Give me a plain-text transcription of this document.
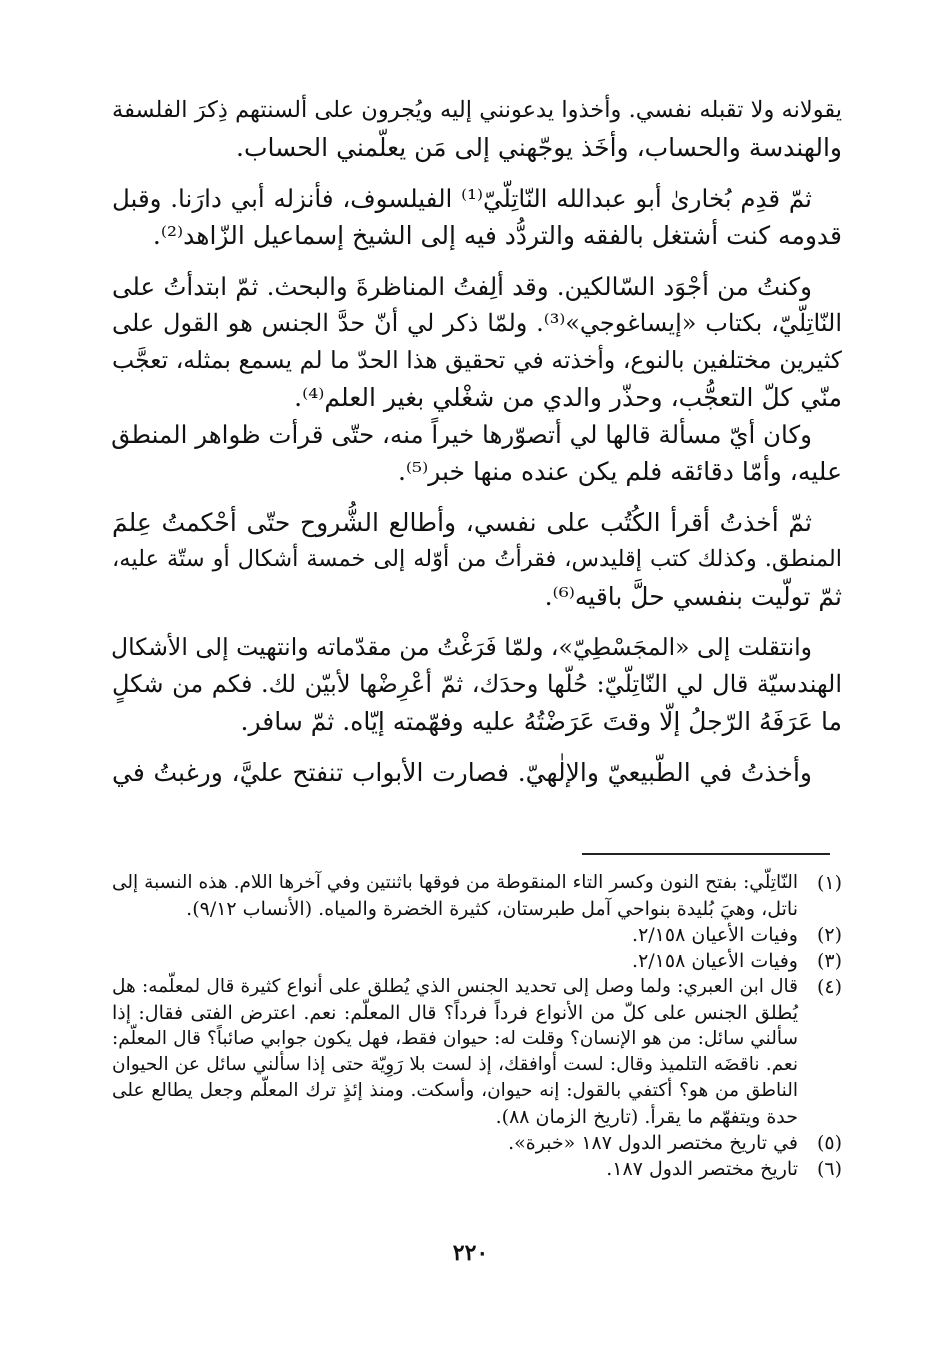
يقولانه ولا تقبله نفسي. وأخذوا يدعونني إليه ويُجرون على ألسنتهم ذِكرَ الفلسفة
والهندسة والحساب، وأخَذ يوجّهني إلى مَن يعلّمني الحساب.
ثمّ قدِم بُخارىٰ أبو عبدالله النّاتِلّيّ⁽¹⁾ الفيلسوف، فأنزله أبي دارَنا. وقبل
قدومه كنت أشتغل بالفقه والتردُّد فيه إلى الشيخ إسماعيل الزّاهد⁽²⁾.
وكنتُ من أجْوَد السّالكين. وقد ألِفتُ المناظرةَ والبحث. ثمّ ابتدأتُ على
النّاتِلّيّ، بكتاب «إيساغوجي»⁽³⁾. ولمّا ذكر لي أنّ حدَّ الجنس هو القول على
كثيرين مختلفين بالنوع، وأخذته في تحقيق هذا الحدّ ما لم يسمع بمثله، تعجَّب
منّي كلّ التعجُّب، وحذّر والدي من شغْلي بغير العلم⁽⁴⁾.
وكان أيّ مسألة قالها لي أتصوّرها خيراً منه، حتّى قرأت ظواهر المنطق
عليه، وأمّا دقائقه فلم يكن عنده منها خبر⁽⁵⁾.
ثمّ أخذتُ أقرأ الكُتُب على نفسي، وأطالع الشُّروح حتّى أحْكمتُ عِلمَ
المنطق. وكذلك كتب إقليدس، فقرأتُ من أوّله إلى خمسة أشكال أو ستّة عليه،
ثمّ تولّيت بنفسي حلَّ باقيه⁽⁶⁾.
وانتقلت إلى «المجَسْطِيّ»، ولمّا فَرَغْتُ من مقدّماته وانتهيت إلى الأشكال
الهندسيّة قال لي النّاتِلّيّ: حُلّها وحدَك، ثمّ أعْرِضْها لأبيّن لك. فكم من شكلٍ
ما عَرَفَهُ الرّجلُ إلّا وقتَ عَرَضْتُهُ عليه وفهّمته إيّاه. ثمّ سافر.
وأخذتُ في الطّبيعيّ والإلٰهيّ. فصارت الأبواب تنفتح عليَّ، ورغبتُ في
(١)
النّاتِلّي: بفتح النون وكسر التاء المنقوطة من فوقها باثنتين وفي آخرها اللام. هذه النسبة إلى
ناتل، وهيَ بُليدة بنواحي آمل طبرستان، كثيرة الخضرة والمياه. (الأنساب ٩/١٢).
(٢)
وفيات الأعيان ٢/١٥٨.
(٣)
وفيات الأعيان ٢/١٥٨.
(٤)
قال ابن العبري: ولما وصل إلى تحديد الجنس الذي يُطلق على أنواع كثيرة قال لمعلّمه: هل
يُطلق الجنس على كلّ من الأنواع فرداً فرداً؟ قال المعلّم: نعم. اعترض الفتى فقال: إذا
سألني سائل: من هو الإنسان؟ وقلت له: حيوان فقط، فهل يكون جوابي صائباً؟ قال المعلّم:
نعم. ناقضَه التلميذ وقال: لست أوافقك، إذ لست بلا رَوِيّة حتى إذا سألني سائل عن الحيوان
الناطق من هو؟ أكتفي بالقول: إنه حيوان، وأسكت. ومنذ إئذٍ ترك المعلّم وجعل يطالع على
حدة ويتفهّم ما يقرأ. (تاريخ الزمان ٨٨).
(٥)
في تاريخ مختصر الدول ١٨٧ «خبرة».
(٦)
تاريخ مختصر الدول ١٨٧.
٢٢٠
